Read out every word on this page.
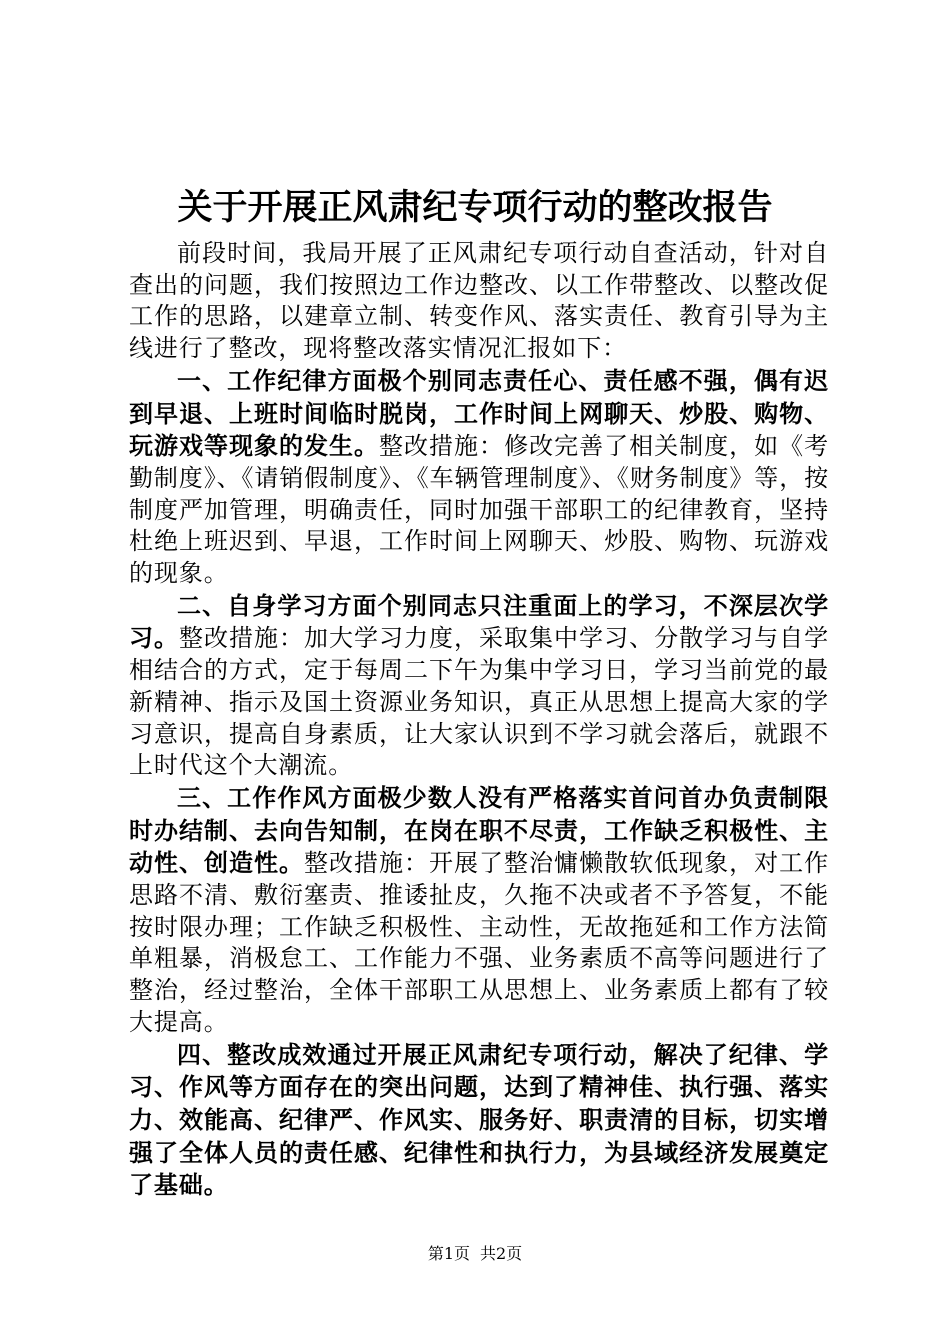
关于开展正风肃纪专项行动的整改报告

前段时间，我局开展了正风肃纪专项行动自查活动，针对自查出的问题，我们按照边工作边整改、以工作带整改、以整改促工作的思路，以建章立制、转变作风、落实责任、教育引导为主线进行了整改，现将整改落实情况汇报如下：

一、工作纪律方面极个别同志责任心、责任感不强，偶有迟到早退、上班时间临时脱岗，工作时间上网聊天、炒股、购物、玩游戏等现象的发生。整改措施：修改完善了相关制度，如《考勤制度》、《请销假制度》、《车辆管理制度》、《财务制度》等，按制度严加管理，明确责任，同时加强干部职工的纪律教育，坚持杜绝上班迟到、早退，工作时间上网聊天、炒股、购物、玩游戏的现象。

二、自身学习方面个别同志只注重面上的学习，不深层次学习。整改措施：加大学习力度，采取集中学习、分散学习与自学相结合的方式，定于每周二下午为集中学习日，学习当前党的最新精神、指示及国土资源业务知识，真正从思想上提高大家的学习意识，提高自身素质，让大家认识到不学习就会落后，就跟不上时代这个大潮流。

三、工作作风方面极少数人没有严格落实首问首办负责制限时办结制、去向告知制，在岗在职不尽责，工作缺乏积极性、主动性、创造性。整改措施：开展了整治慵懒散软低现象，对工作思路不清、敷衍塞责、推诿扯皮，久拖不决或者不予答复，不能按时限办理；工作缺乏积极性、主动性，无故拖延和工作方法简单粗暴，消极怠工、工作能力不强、业务素质不高等问题进行了整治，经过整治，全体干部职工从思想上、业务素质上都有了较大提高。

四、整改成效通过开展正风肃纪专项行动，解决了纪律、学习、作风等方面存在的突出问题，达到了精神佳、执行强、落实力、效能高、纪律严、作风实、服务好、职责清的目标，切实增强了全体人员的责任感、纪律性和执行力，为县域经济发展奠定了基础。

第1页 共2页
